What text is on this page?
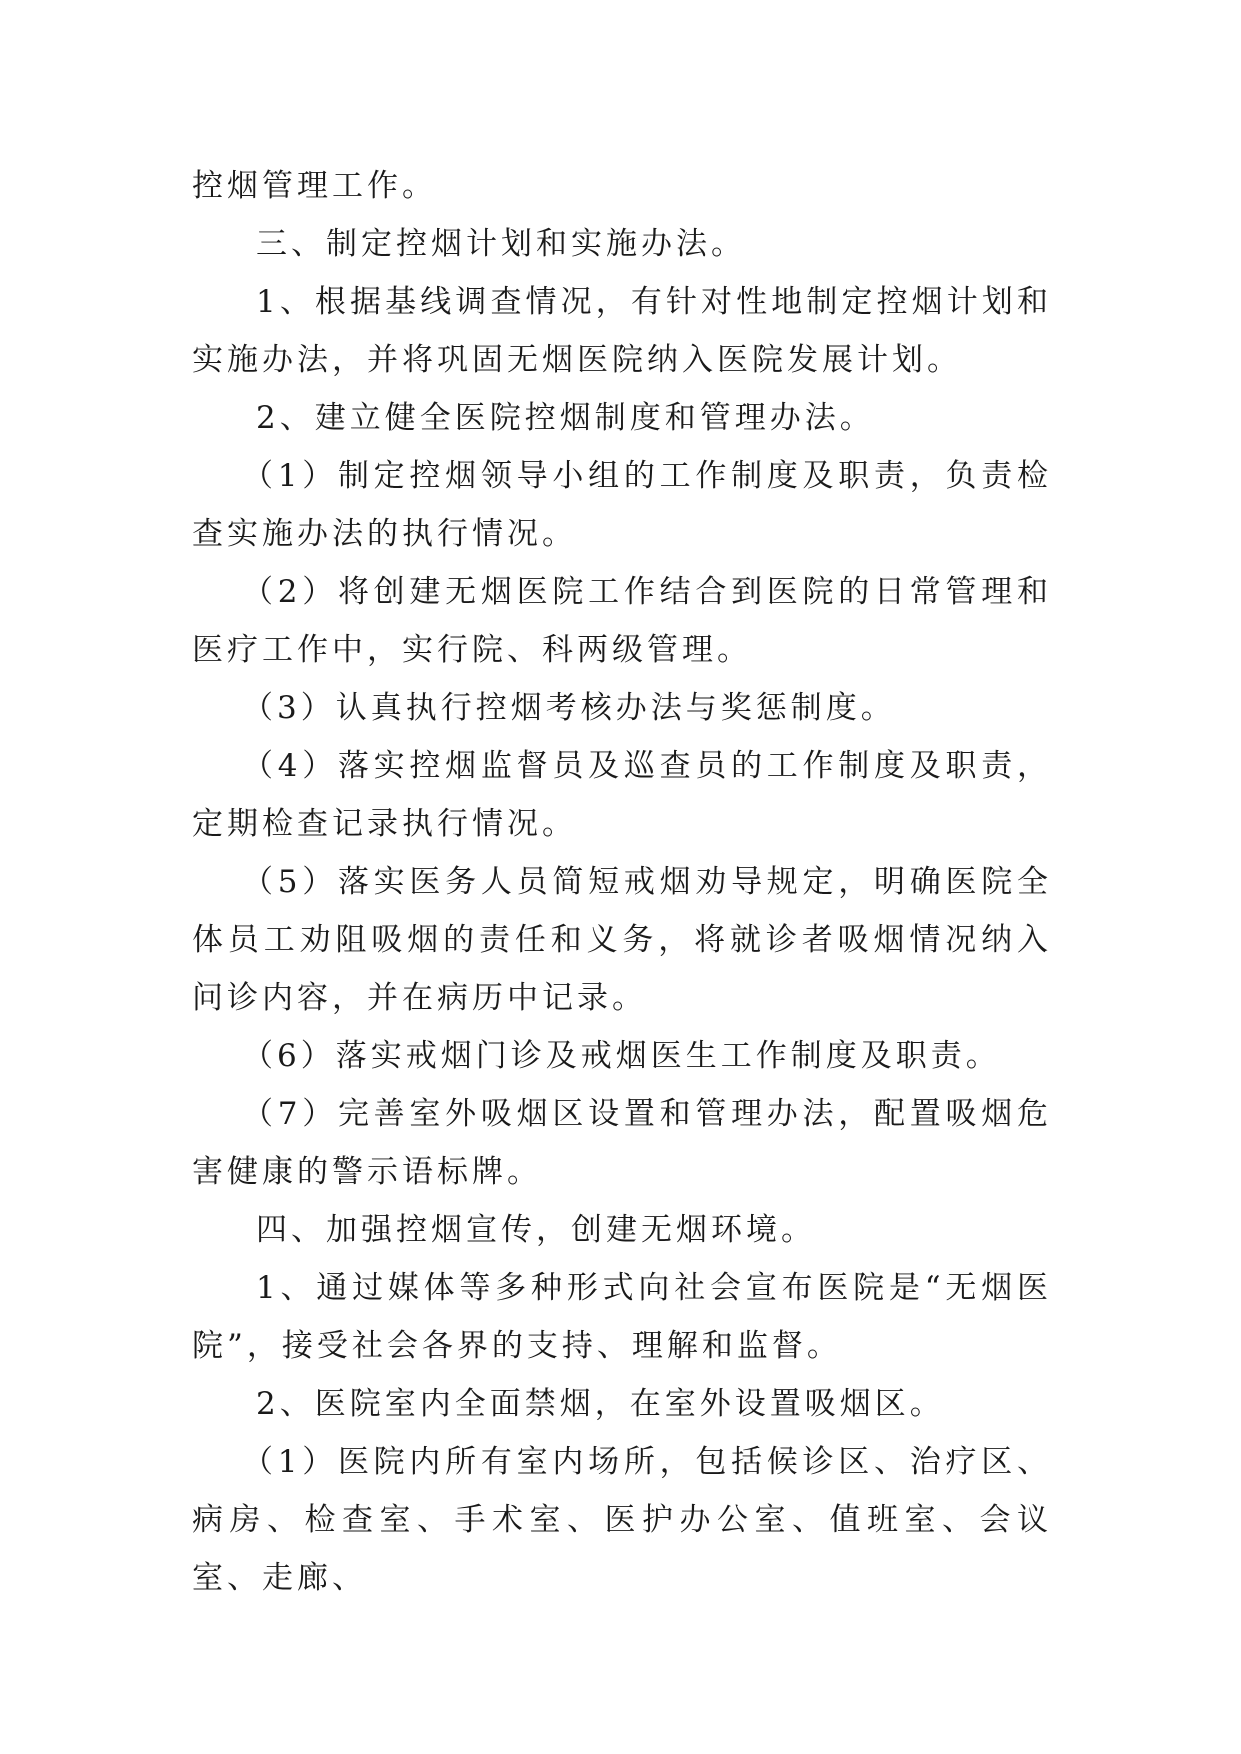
控烟管理工作。

三、制定控烟计划和实施办法。

1、根据基线调查情况，有针对性地制定控烟计划和实施办法，并将巩固无烟医院纳入医院发展计划。

2、建立健全医院控烟制度和管理办法。

（1）制定控烟领导小组的工作制度及职责，负责检查实施办法的执行情况。

（2）将创建无烟医院工作结合到医院的日常管理和医疗工作中，实行院、科两级管理。

（3）认真执行控烟考核办法与奖惩制度。

（4）落实控烟监督员及巡查员的工作制度及职责，定期检查记录执行情况。

（5）落实医务人员简短戒烟劝导规定，明确医院全体员工劝阻吸烟的责任和义务，将就诊者吸烟情况纳入问诊内容，并在病历中记录。

（6）落实戒烟门诊及戒烟医生工作制度及职责。

（7）完善室外吸烟区设置和管理办法，配置吸烟危害健康的警示语标牌。

四、加强控烟宣传，创建无烟环境。

1、通过媒体等多种形式向社会宣布医院是“无烟医院”，接受社会各界的支持、理解和监督。

2、医院室内全面禁烟，在室外设置吸烟区。

（1）医院内所有室内场所，包括候诊区、治疗区、病房、检查室、手术室、医护办公室、值班室、会议室、走廊、
